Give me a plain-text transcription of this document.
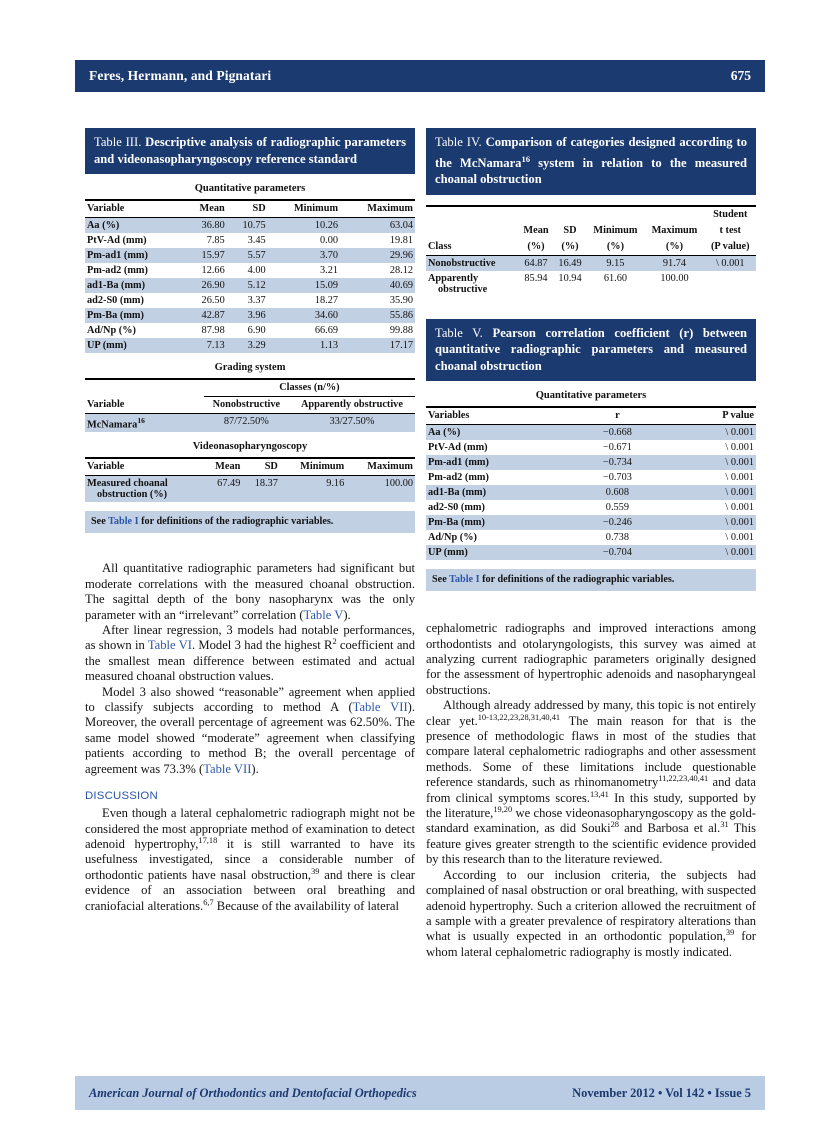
Feres, Hermann, and Pignatari	675
Table III. Descriptive analysis of radiographic parameters and videonasopharyngoscopy reference standard
Quantitative parameters
Variable	Mean	SD	Minimum	Maximum
Aa (%)	36.80	10.75	10.26	63.04
PtV-Ad (mm)	7.85	3.45	0.00	19.81
Pm-ad1 (mm)	15.97	5.57	3.70	29.96
Pm-ad2 (mm)	12.66	4.00	3.21	28.12
ad1-Ba (mm)	26.90	5.12	15.09	40.69
ad2-S0 (mm)	26.50	3.37	18.27	35.90
Pm-Ba (mm)	42.87	3.96	34.60	55.86
Ad/Np (%)	87.98	6.90	66.69	99.88
UP (mm)	7.13	3.29	1.13	17.17
Grading system
	Classes (n/%)	
Variable	Nonobstructive	Apparently obstructive
McNamara$^{16}$	87/72.50%	33/27.50%
Videonasopharyngoscopy
Variable	Mean	SD	Minimum	Maximum
Measured choanal
obstruction (%)	67.49	18.37	9.16	100.00
See Table I for definitions of the radiographic variables.

All quantitative radiographic parameters had significant but moderate correlations with the measured choanal obstruction. The sagittal depth of the bony nasopharynx was the only parameter with an “irrelevant” correlation (Table V).

After linear regression, 3 models had notable performances, as shown in Table VI. Model 3 had the highest $R^2$ coefficient and the smallest mean difference between estimated and actual measured choanal obstruction values.

Model 3 also showed “reasonable” agreement when applied to classify subjects according to method A (Table VII). Moreover, the overall percentage of agreement was 62.50%. The same model showed “moderate” agreement when classifying patients according to method B; the overall percentage of agreement was 73.3% (Table VII).

DISCUSSION

Even though a lateral cephalometric radiograph might not be considered the most appropriate method of examination to detect adenoid hypertrophy,$^{17,18}$ it is still warranted to have its usefulness investigated, since a considerable number of orthodontic patients have nasal obstruction,$^{39}$ and there is clear evidence of an association between oral breathing and craniofacial alterations.$^{6,7}$ Because of the availability of lateral

Table IV. Comparison of categories designed according to the McNamara$^{16}$ system in relation to the measured choanal obstruction
					Student
	Mean	SD	Minimum	Maximum	t test
Class	(%)	(%)	(%)	(%)	(P value)
Nonobstructive	64.87	16.49	9.15	91.74	\ 0.001
Apparently
obstructive	85.94	10.94	61.60	100.00	
Table V. Pearson correlation coefficient (r) between quantitative radiographic parameters and measured choanal obstruction
Quantitative parameters
Variables	r	P value
Aa (%)	−0.668	\ 0.001
PtV-Ad (mm)	−0.671	\ 0.001
Pm-ad1 (mm)	−0.734	\ 0.001
Pm-ad2 (mm)	−0.703	\ 0.001
ad1-Ba (mm)	0.608	\ 0.001
ad2-S0 (mm)	0.559	\ 0.001
Pm-Ba (mm)	−0.246	\ 0.001
Ad/Np (%)	0.738	\ 0.001
UP (mm)	−0.704	\ 0.001
See Table I for definitions of the radiographic variables.

cephalometric radiographs and improved interactions among orthodontists and otolaryngologists, this survey was aimed at analyzing current radiographic parameters originally designed for the assessment of hypertrophic adenoids and nasopharyngeal obstructions.

Although already addressed by many, this topic is not entirely clear yet.$^{10-13,22,23,28,31,40,41}$ The main reason for that is the presence of methodologic flaws in most of the studies that compare lateral cephalometric radiographs and other assessment methods. Some of these limitations include questionable reference standards, such as rhinomanometry$^{11,22,23,40,41}$ and data from clinical symptoms scores.$^{13,41}$ In this study, supported by the literature,$^{19,20}$ we chose videonasopharyngoscopy as the gold-standard examination, as did Souki$^{28}$ and Barbosa et al.$^{31}$ This feature gives greater strength to the scientific evidence provided by this research than to the literature reviewed.

According to our inclusion criteria, the subjects had complained of nasal obstruction or oral breathing, with suspected adenoid hypertrophy. Such a criterion allowed the recruitment of a sample with a greater prevalence of respiratory alterations than what is usually expected in an orthodontic population,$^{39}$ for whom lateral cephalometric radiography is mostly indicated.

American Journal of Orthodontics and Dentofacial Orthopedics	November 2012 • Vol 142 • Issue 5
